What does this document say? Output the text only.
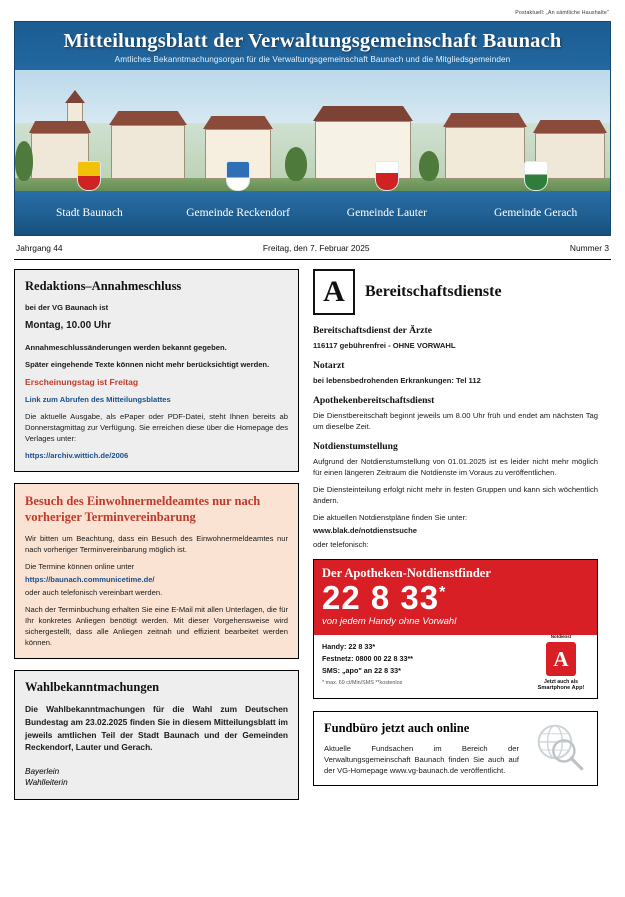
Postaktuell: „An sämtliche Haushalte"
Mitteilungsblatt der Verwaltungsgemeinschaft Baunach
Amtliches Bekanntmachungsorgan für die Verwaltungsgemeinschaft Baunach und die Mitgliedsgemeinden
Stadt Baunach	Gemeinde Reckendorf	Gemeinde Lauter	Gemeinde Gerach
Jahrgang 44	Freitag, den 7. Februar 2025	Nummer 3
Redaktions–Annahmeschluss

bei der VG Baunach ist

Montag, 10.00 Uhr

Annahmeschlussänderungen werden bekannt gegeben.

Später eingehende Texte können nicht mehr berücksichtigt werden.

Erscheinungstag ist Freitag

Link zum Abrufen des Mitteilungsblattes

Die aktuelle Ausgabe, als ePaper oder PDF-Datei, steht Ihnen bereits ab Donnerstagmittag zur Verfügung. Sie erreichen diese über die Homepage des Verlages unter:

https://archiv.wittich.de/2006

Besuch des Einwohnermeldeamtes nur nach vorheriger Terminvereinbarung

Wir bitten um Beachtung, dass ein Besuch des Einwohnermeldeamtes nur nach vorheriger Terminvereinbarung möglich ist.

Die Termine können online unter

https://baunach.communicetime.de/

oder auch telefonisch vereinbart werden.

Nach der Terminbuchung erhalten Sie eine E-Mail mit allen Unterlagen, die für Ihr konkretes Anliegen benötigt werden. Mit dieser Vorgehensweise wird sichergestellt, dass alle Anliegen zeitnah und effizient bearbeitet werden können.

Wahlbekanntmachungen

Die Wahlbekanntmachungen für die Wahl zum Deutschen Bundestag am 23.02.2025 finden Sie in diesem Mitteilungsblatt im jeweils amtlichen Teil der Stadt Baunach und der Gemeinden Reckendorf, Lauter und Gerach.

Bayerlein

Wahlleiterin

A	Bereitschaftsdienste
Bereitschaftsdienst der Ärzte

116117 gebührenfrei - OHNE VORWAHL

Notarzt

bei lebensbedrohenden Erkrankungen: Tel 112

Apothekenbereitschaftsdienst

Die Dienstbereitschaft beginnt jeweils um 8.00 Uhr früh und endet am nächsten Tag um dieselbe Zeit.

Notdienstumstellung

Aufgrund der Notdienstumstellung von 01.01.2025 ist es leider nicht mehr möglich für einen längeren Zeitraum die Notdienste im Voraus zu veröffentlichen.

Die Diensteinteilung erfolgt nicht mehr in festen Gruppen und kann sich wöchentlich ändern.

Die aktuellen Notdienstpläne finden Sie unter:

www.blak.de/notdienstsuche

oder telefonisch:

Der Apotheken-Notdienstfinder
22 8 33*
von jedem Handy ohne Vorwahl
Handy: 22 8 33*
Festnetz: 0800 00 22 8 33**
SMS: „apo" an 22 8 33*
* max. 69 ct/Min/SMS **kostenlos
Notdienst
A
Jetzt auch als
Smartphone App!
Fundbüro jetzt auch online

Aktuelle Fundsachen im Bereich der Verwaltungsgemeinschaft Baunach finden Sie auch auf der VG-Homepage www.vg-baunach.de veröffentlicht.
